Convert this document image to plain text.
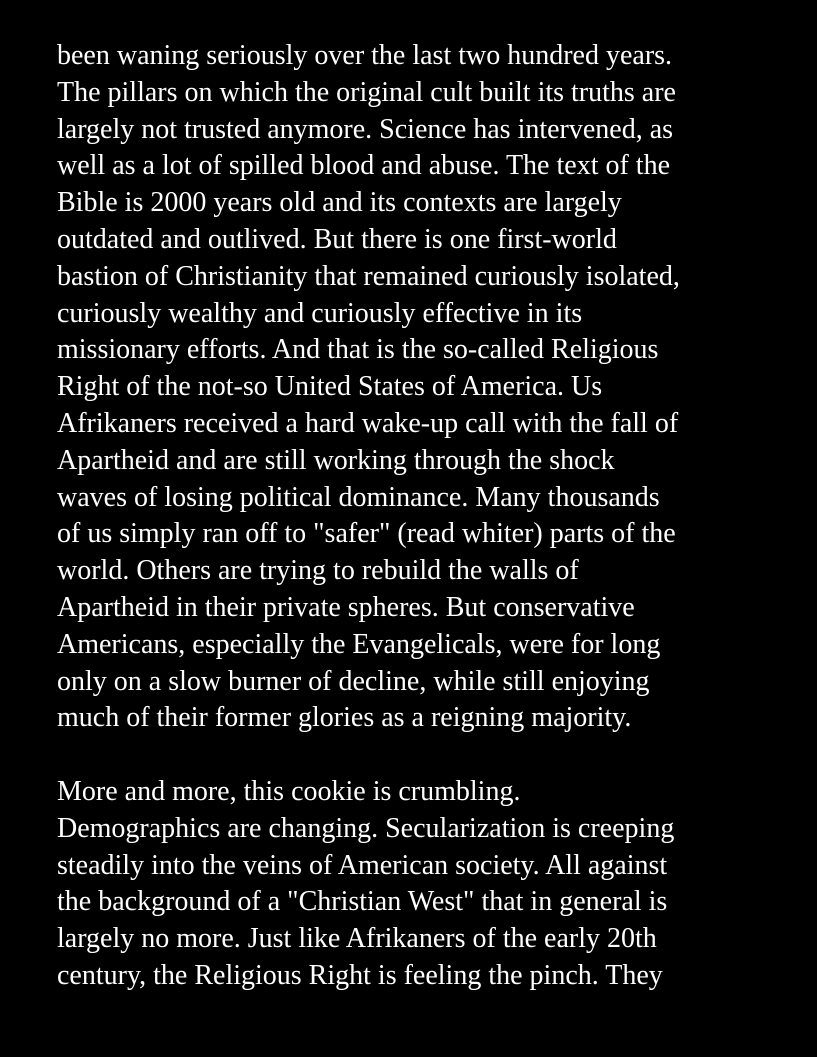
been waning seriously over the last two hundred years.
The pillars on which the original cult built its truths are
largely not trusted anymore. Science has intervened, as
well as a lot of spilled blood and abuse. The text of the
Bible is 2000 years old and its contexts are largely
outdated and outlived. But there is one first-world
bastion of Christianity that remained curiously isolated,
curiously wealthy and curiously effective in its
missionary efforts. And that is the so-called Religious
Right of the not-so United States of America. Us
Afrikaners received a hard wake-up call with the fall of
Apartheid and are still working through the shock
waves of losing political dominance. Many thousands
of us simply ran off to "safer" (read whiter) parts of the
world. Others are trying to rebuild the walls of
Apartheid in their private spheres. But conservative
Americans, especially the Evangelicals, were for long
only on a slow burner of decline, while still enjoying
much of their former glories as a reigning majority.
More and more, this cookie is crumbling.
Demographics are changing. Secularization is creeping
steadily into the veins of American society. All against
the background of a "Christian West" that in general is
largely no more. Just like Afrikaners of the early 20th
century, the Religious Right is feeling the pinch. They
